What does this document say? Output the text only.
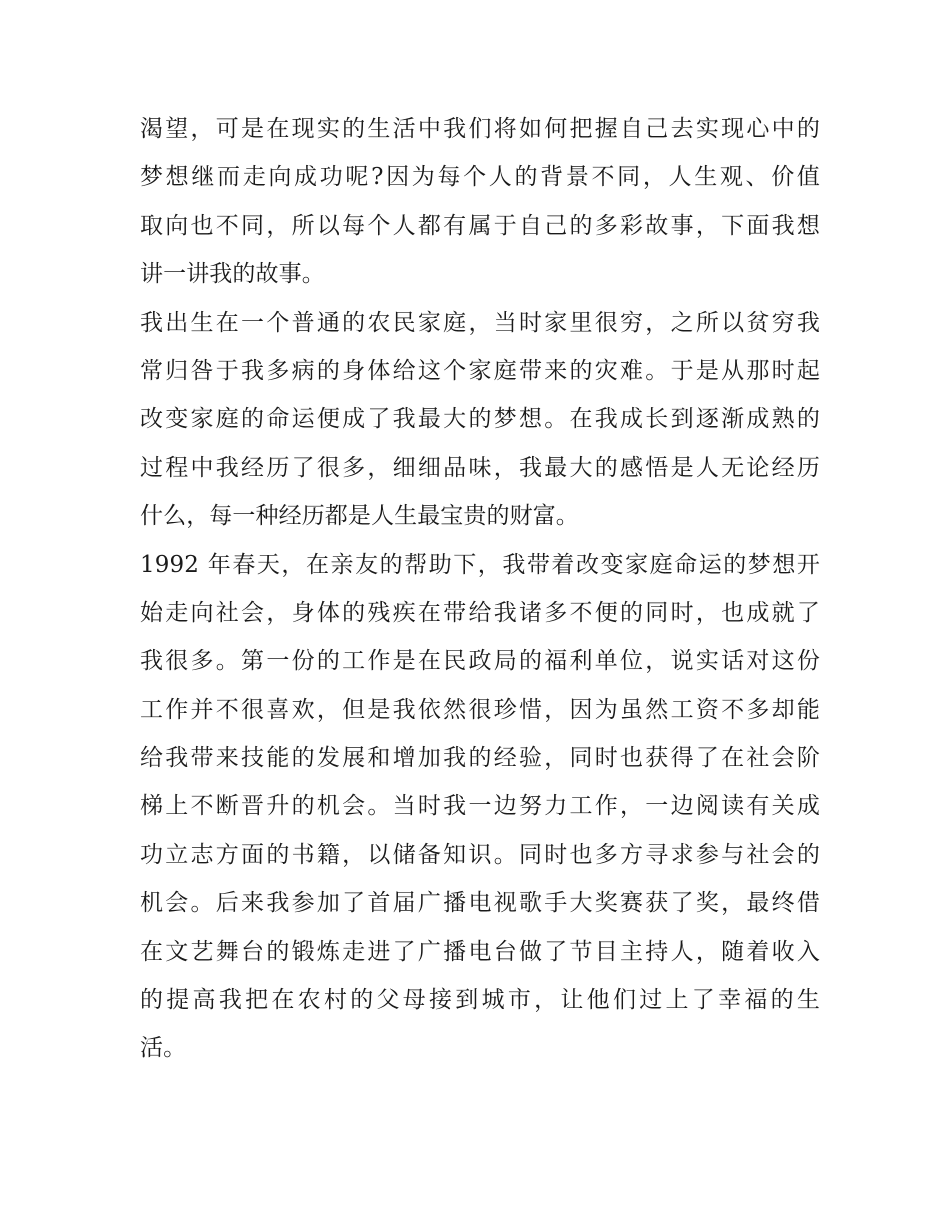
渴望，可是在现实的生活中我们将如何把握自己去实现心中的
梦想继而走向成功呢?因为每个人的背景不同，人生观、价值
取向也不同，所以每个人都有属于自己的多彩故事，下面我想
讲一讲我的故事。

我出生在一个普通的农民家庭，当时家里很穷，之所以贫穷我
常归咎于我多病的身体给这个家庭带来的灾难。于是从那时起
改变家庭的命运便成了我最大的梦想。在我成长到逐渐成熟的
过程中我经历了很多，细细品味，我最大的感悟是人无论经历
什么，每一种经历都是人生最宝贵的财富。

1992 年春天，在亲友的帮助下，我带着改变家庭命运的梦想开
始走向社会，身体的残疾在带给我诸多不便的同时，也成就了
我很多。第一份的工作是在民政局的福利单位，说实话对这份
工作并不很喜欢，但是我依然很珍惜，因为虽然工资不多却能
给我带来技能的发展和增加我的经验，同时也获得了在社会阶
梯上不断晋升的机会。当时我一边努力工作，一边阅读有关成
功立志方面的书籍，以储备知识。同时也多方寻求参与社会的
机会。后来我参加了首届广播电视歌手大奖赛获了奖，最终借
在文艺舞台的锻炼走进了广播电台做了节目主持人，随着收入
的提高我把在农村的父母接到城市，让他们过上了幸福的生
活。
